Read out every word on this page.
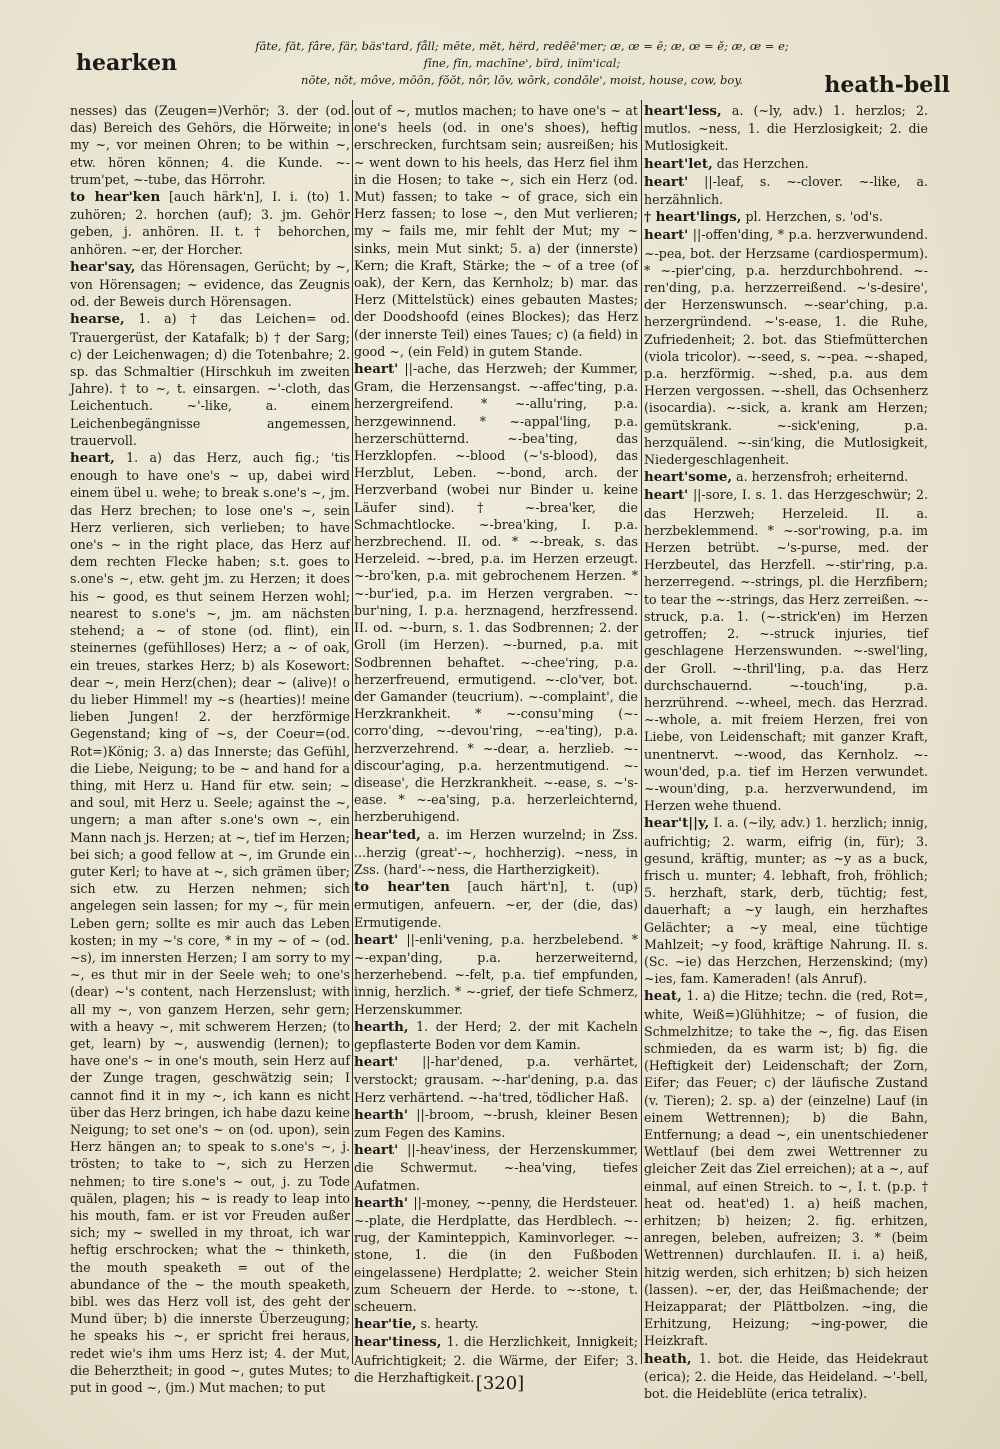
hearken
fāte, făt, fâre, fär, bäs'tard, fåll; mēte, mĕt, hërd, redēē'mer; æ, œ = ē; æ, œ = ĕ; æ, œ = e;
fīne, fĭn, machīne', bïrd, inïm'ical;
nōte, nŏt, môve, mōōn, fŏŏt, nôr, lŏv, wōrk, condōle', moist, house, cow, boy.	heath-bell

nesses) das (Zeugen=)Verhör; 3. der (od. das) Bereich des Gehörs, die Hörweite; in my ~, vor meinen Ohren; to be within ~, etw. hören können; 4. die Kunde. ~-trum'pet, ~-tube, das Hörrohr.

to hear'ken [auch härk'n], I. i. (to) 1. zuhören; 2. horchen (auf); 3. jm. Gehör geben, j. anhören. II. t. † behorchen, anhören. ~er, der Horcher.

hear'say, das Hörensagen, Gerücht; by ~, von Hörensagen; ~ evidence, das Zeugnis od. der Beweis durch Hörensagen.

hearse, 1. a) † das Leichen= od. Trauergerüst, der Katafalk; b) † der Sarg; c) der Leichenwagen; d) die Totenbahre; 2. sp. das Schmaltier (Hirschkuh im zweiten Jahre). † to ~, t. einsargen. ~'-cloth, das Leichentuch. ~'-like, a. einem Leichenbegängnisse angemessen, trauervoll.

heart, 1. a) das Herz, auch fig.; 'tis enough to have one's ~ up, dabei wird einem übel u. wehe; to break s.one's ~, jm. das Herz brechen; to lose one's ~, sein Herz verlieren, sich verlieben; to have one's ~ in the right place, das Herz auf dem rechten Flecke haben; s.t. goes to s.one's ~, etw. geht jm. zu Herzen; it does his ~ good, es thut seinem Herzen wohl; nearest to s.one's ~, jm. am nächsten stehend; a ~ of stone (od. flint), ein steinernes (gefühlloses) Herz; a ~ of oak, ein treues, starkes Herz; b) als Kosewort: dear ~, mein Herz(chen); dear ~ (alive)! o du lieber Himmel! my ~s (hearties)! meine lieben Jungen! 2. der herzförmige Gegenstand; king of ~s, der Coeur=(od. Rot=)König; 3. a) das Innerste; das Gefühl, die Liebe, Neigung; to be ~ and hand for a thing, mit Herz u. Hand für etw. sein; ~ and soul, mit Herz u. Seele; against the ~, ungern; a man after s.one's own ~, ein Mann nach js. Herzen; at ~, tief im Herzen; bei sich; a good fellow at ~, im Grunde ein guter Kerl; to have at ~, sich grämen über; sich etw. zu Herzen nehmen; sich angelegen sein lassen; for my ~, für mein Leben gern; sollte es mir auch das Leben kosten; in my ~'s core, * in my ~ of ~ (od. ~s), im innersten Herzen; I am sorry to my ~, es thut mir in der Seele weh; to one's (dear) ~'s content, nach Herzenslust; with all my ~, von ganzem Herzen, sehr gern; with a heavy ~, mit schwerem Herzen; (to get, learn) by ~, auswendig (lernen); to have one's ~ in one's mouth, sein Herz auf der Zunge tragen, geschwätzig sein; I cannot find it in my ~, ich kann es nicht über das Herz bringen, ich habe dazu keine Neigung; to set one's ~ on (od. upon), sein Herz hängen an; to speak to s.one's ~, j. trösten; to take to ~, sich zu Herzen nehmen; to tire s.one's ~ out, j. zu Tode quälen, plagen; his ~ is ready to leap into his mouth, fam. er ist vor Freuden außer sich; my ~ swelled in my throat, ich war heftig erschrocken; what the ~ thinketh, the mouth speaketh = out of the abundance of the ~ the mouth speaketh, bibl. wes das Herz voll ist, des geht der Mund über; b) die innerste Überzeugung; he speaks his ~, er spricht frei heraus, redet wie's ihm ums Herz ist; 4. der Mut, die Beherztheit; in good ~, gutes Mutes; to put in good ~, (jm.) Mut machen; to put

out of ~, mutlos machen; to have one's ~ at one's heels (od. in one's shoes), heftig erschrecken, furchtsam sein; ausreißen; his ~ went down to his heels, das Herz fiel ihm in die Hosen; to take ~, sich ein Herz (od. Mut) fassen; to take ~ of grace, sich ein Herz fassen; to lose ~, den Mut verlieren; my ~ fails me, mir fehlt der Mut; my ~ sinks, mein Mut sinkt; 5. a) der (innerste) Kern; die Kraft, Stärke; the ~ of a tree (of oak), der Kern, das Kernholz; b) mar. das Herz (Mittelstück) eines gebauten Mastes; der Doodshoofd (eines Blockes); das Herz (der innerste Teil) eines Taues; c) (a field) in good ~, (ein Feld) in gutem Stande.

heart' ||-ache, das Herzweh; der Kummer, Gram, die Herzensangst. ~-affec'ting, p.a. herzergreifend. * ~-allu'ring, p.a. herzgewinnend. * ~-appal'ling, p.a. herzerschütternd. ~-bea'ting, das Herzklopfen. ~-blood (~'s-blood), das Herzblut, Leben. ~-bond, arch. der Herzverband (wobei nur Binder u. keine Läufer sind). † ~-brea'ker, die Schmachtlocke. ~-brea'king, I. p.a. herzbrechend. II. od. * ~-break, s. das Herzeleid. ~-bred, p.a. im Herzen erzeugt. ~-bro'ken, p.a. mit gebrochenem Herzen. * ~-bur'ied, p.a. im Herzen vergraben. ~-bur'ning, I. p.a. herznagend, herzfressend. II. od. ~-burn, s. 1. das Sodbrennen; 2. der Groll (im Herzen). ~-burned, p.a. mit Sodbrennen behaftet. ~-chee'ring, p.a. herzerfreuend, ermutigend. ~-clo'ver, bot. der Gamander (teucrium). ~-complaint', die Herzkrankheit. * ~-consu'ming (~-corro'ding, ~-devou'ring, ~-ea'ting), p.a. herzverzehrend. * ~-dear, a. herzlieb. ~-discour'aging, p.a. herzentmutigend. ~-disease', die Herzkrankheit. ~-ease, s. ~'s-ease. * ~-ea'sing, p.a. herzerleichternd, herzberuhigend.

hear'ted, a. im Herzen wurzelnd; in Zss. ...herzig (great'-~, hochherzig). ~ness, in Zss. (hard'-~ness, die Hartherzigkeit).

to hear'ten [auch härt'n], t. (up) ermutigen, anfeuern. ~er, der (die, das) Ermutigende.

heart' ||-enli'vening, p.a. herzbelebend. * ~-expan'ding, p.a. herzerweiternd, herzerhebend. ~-felt, p.a. tief empfunden, innig, herzlich. * ~-grief, der tiefe Schmerz, Herzenskummer.

hearth, 1. der Herd; 2. der mit Kacheln gepflasterte Boden vor dem Kamin.

heart' ||-har'dened, p.a. verhärtet, verstockt; grausam. ~-har'dening, p.a. das Herz verhärtend. ~-ha'tred, tödlicher Haß.

hearth' ||-broom, ~-brush, kleiner Besen zum Fegen des Kamins.

heart' ||-heav'iness, der Herzenskummer, die Schwermut. ~-hea'ving, tiefes Aufatmen.

hearth' ||-money, ~-penny, die Herdsteuer. ~-plate, die Herdplatte, das Herdblech. ~-rug, der Kaminteppich, Kaminvorleger. ~-stone, 1. die (in den Fußboden eingelassene) Herdplatte; 2. weicher Stein zum Scheuern der Herde. to ~-stone, t. scheuern.

hear'tie, s. hearty.

hear'tiness, 1. die Herzlichkeit, Innigkeit; Aufrichtigkeit; 2. die Wärme, der Eifer; 3. die Herzhaftigkeit.

heart'less, a. (~ly, adv.) 1. herzlos; 2. mutlos. ~ness, 1. die Herzlosigkeit; 2. die Mutlosigkeit.

heart'let, das Herzchen.

heart' ||-leaf, s. ~-clover. ~-like, a. herzähnlich.

† heart'lings, pl. Herzchen, s. 'od's.

heart' ||-offen'ding, * p.a. herzverwundend. ~-pea, bot. der Herzsame (cardiospermum). * ~-pier'cing, p.a. herzdurchbohrend. ~-ren'ding, p.a. herzzerreißend. ~'s-desire', der Herzenswunsch. ~-sear'ching, p.a. herzergründend. ~'s-ease, 1. die Ruhe, Zufriedenheit; 2. bot. das Stiefmütterchen (viola tricolor). ~-seed, s. ~-pea. ~-shaped, p.a. herzförmig. ~-shed, p.a. aus dem Herzen vergossen. ~-shell, das Ochsenherz (isocardia). ~-sick, a. krank am Herzen; gemütskrank. ~-sick'ening, p.a. herzquälend. ~-sin'king, die Mutlosigkeit, Niedergeschlagenheit.

heart'some, a. herzensfroh; erheiternd.

heart' ||-sore, I. s. 1. das Herzgeschwür; 2. das Herzweh; Herzeleid. II. a. herzbeklemmend. * ~-sor'rowing, p.a. im Herzen betrübt. ~'s-purse, med. der Herzbeutel, das Herzfell. ~-stir'ring, p.a. herzerregend. ~-strings, pl. die Herzfibern; to tear the ~-strings, das Herz zerreißen. ~-struck, p.a. 1. (~-strick'en) im Herzen getroffen; 2. ~-struck injuries, tief geschlagene Herzenswunden. ~-swel'ling, der Groll. ~-thril'ling, p.a. das Herz durchschauernd. ~-touch'ing, p.a. herzrührend. ~-wheel, mech. das Herzrad. ~-whole, a. mit freiem Herzen, frei von Liebe, von Leidenschaft; mit ganzer Kraft, unentnervt. ~-wood, das Kernholz. ~-woun'ded, p.a. tief im Herzen verwundet. ~-woun'ding, p.a. herzverwundend, im Herzen wehe thuend.

hear't||y, I. a. (~ily, adv.) 1. herzlich; innig, aufrichtig; 2. warm, eifrig (in, für); 3. gesund, kräftig, munter; as ~y as a buck, frisch u. munter; 4. lebhaft, froh, fröhlich; 5. herzhaft, stark, derb, tüchtig; fest, dauerhaft; a ~y laugh, ein herzhaftes Gelächter; a ~y meal, eine tüchtige Mahlzeit; ~y food, kräftige Nahrung. II. s. (Sc. ~ie) das Herzchen, Herzenskind; (my) ~ies, fam. Kameraden! (als Anruf).

heat, 1. a) die Hitze; techn. die (red, Rot=, white, Weiß=)Glühhitze; ~ of fusion, die Schmelzhitze; to take the ~, fig. das Eisen schmieden, da es warm ist; b) fig. die (Heftigkeit der) Leidenschaft; der Zorn, Eifer; das Feuer; c) der läufische Zustand (v. Tieren); 2. sp. a) der (einzelne) Lauf (in einem Wettrennen); b) die Bahn, Entfernung; a dead ~, ein unentschiedener Wettlauf (bei dem zwei Wettrenner zu gleicher Zeit das Ziel erreichen); at a ~, auf einmal, auf einen Streich. to ~, I. t. (p.p. † heat od. heat'ed) 1. a) heiß machen, erhitzen; b) heizen; 2. fig. erhitzen, anregen, beleben, aufreizen; 3. * (beim Wettrennen) durchlaufen. II. i. a) heiß, hitzig werden, sich erhitzen; b) sich heizen (lassen). ~er, der, das Heißmachende; der Heizapparat; der Plättbolzen. ~ing, die Erhitzung, Heizung; ~ing-power, die Heizkraft.

heath, 1. bot. die Heide, das Heidekraut (erica); 2. die Heide, das Heideland. ~'-bell, bot. die Heideblüte (erica tetralix).

[320]
